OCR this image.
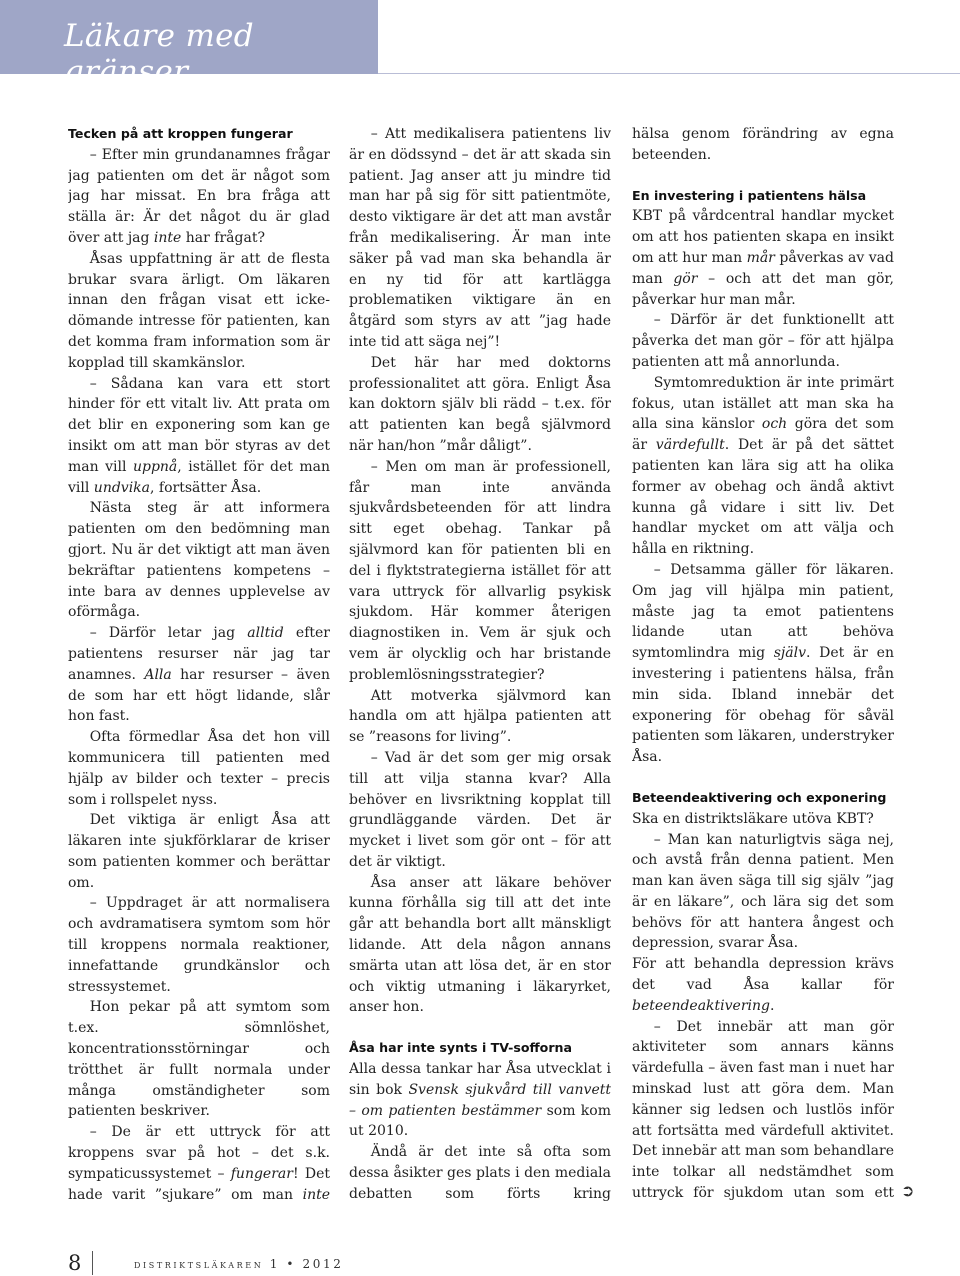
Läkare med gränser
Tecken på att kroppen fungerar

– Efter min grundanamnes frågar jag patienten om det är något som jag har missat. En bra fråga att ställa är: Är det något du är glad över att jag inte har frågat?

Åsas uppfattning är att de flesta brukar svara ärligt. Om läkaren innan den frågan visat ett icke-dömande intresse för patienten, kan det komma fram information som är kopplad till skamkänslor.

– Sådana kan vara ett stort hinder för ett vitalt liv. Att prata om det blir en exponering som kan ge insikt om att man bör styras av det man vill uppnå, istället för det man vill undvika, fortsätter Åsa.

Nästa steg är att informera patienten om den bedömning man gjort. Nu är det viktigt att man även bekräftar patientens kompetens – inte bara av dennes upplevelse av oförmåga.

– Därför letar jag alltid efter patientens resurser när jag tar anamnes. Alla har resurser – även de som har ett högt lidande, slår hon fast.

Ofta förmedlar Åsa det hon vill kommunicera till patienten med hjälp av bilder och texter – precis som i rollspelet nyss.

Det viktiga är enligt Åsa att läkaren inte sjukförklarar de kriser som patienten kommer och berättar om.

– Uppdraget är att normalisera och avdramatisera symtom som hör till kroppens normala reaktioner, innefattande grundkänslor och stressystemet.

Hon pekar på att symtom som t.ex. sömnlöshet, koncentrationsstörningar och trötthet är fullt normala under många omständigheter som patienten beskriver.

– De är ett uttryck för att kroppens svar på hot – det s.k. sympaticussystemet – fungerar! Det hade varit ”sjukare” om man inte

– Att medikalisera patientens liv är en dödssynd – det är att skada sin patient. Jag anser att ju mindre tid man har på sig för sitt patientmöte, desto viktigare är det att man avstår från medikalisering. Är man inte säker på vad man ska behandla är en ny tid för att kartlägga problematiken viktigare än en åtgärd som styrs av att ”jag hade inte tid att säga nej”!

Det här har med doktorns professionalitet att göra. Enligt Åsa kan doktorn själv bli rädd – t.ex. för att patienten kan begå självmord när han/hon ”mår dåligt”.

– Men om man är professionell, får man inte använda sjukvårdsbeteenden för att lindra sitt eget obehag. Tankar på självmord kan för patienten bli en del i flyktstrategierna istället för att vara uttryck för allvarlig psykisk sjukdom. Här kommer återigen diagnostiken in. Vem är sjuk och vem är olycklig och har bristande problemlösningsstrategier?

Att motverka självmord kan handla om att hjälpa patienten att se ”reasons for living”.

– Vad är det som ger mig orsak till att vilja stanna kvar? Alla behöver en livsriktning kopplat till grundläggande värden. Det är mycket i livet som gör ont – för att det är viktigt.

Åsa anser att läkare behöver kunna förhålla sig till att det inte går att behandla bort allt mänskligt lidande. Att dela någon annans smärta utan att lösa det, är en stor och viktig utmaning i läkaryrket, anser hon.

Åsa har inte synts i TV-sofforna

Alla dessa tankar har Åsa utvecklat i sin bok Svensk sjukvård till vanvett – om patienten bestämmer som kom ut 2010.

Ändå är det inte så ofta som dessa åsikter ges plats i den mediala debatten som förts kring

hälsa genom förändring av egna beteenden.

En investering i patientens hälsa

KBT på vårdcentral handlar mycket om att hos patienten skapa en insikt om att hur man mår påverkas av vad man gör – och att det man gör, påverkar hur man mår.

– Därför är det funktionellt att påverka det man gör – för att hjälpa patienten att må annorlunda.

Symtomreduktion är inte primärt fokus, utan istället att man ska ha alla sina känslor och göra det som är värdefullt. Det är på det sättet patienten kan lära sig att ha olika former av obehag och ändå aktivt kunna gå vidare i sitt liv. Det handlar mycket om att välja och hålla en riktning.

– Detsamma gäller för läkaren. Om jag vill hjälpa min patient, måste jag ta emot patientens lidande utan att behöva symtomlindra mig själv. Det är en investering i patientens hälsa, från min sida. Ibland innebär det exponering för obehag för såväl patienten som läkaren, understryker Åsa.

Beteendeaktivering och exponering

Ska en distriktsläkare utöva KBT?

– Man kan naturligtvis säga nej, och avstå från denna patient. Men man kan även säga till sig själv ”jag är en läkare”, och lära sig det som behövs för att hantera ångest och depression, svarar Åsa.

För att behandla depression krävs det vad Åsa kallar för beteendeaktivering.

– Det innebär att man gör aktiviteter som annars känns värdefulla – även fast man i nuet har minskad lust att göra dem. Man känner sig ledsen och lustlös inför att fortsätta med värdefull aktivitet. Det innebär att man som behandlare inte tolkar all nedstämdhet som uttryck för sjukdom utan som ett ➲
8	distriktsläkaren 1 • 2012
